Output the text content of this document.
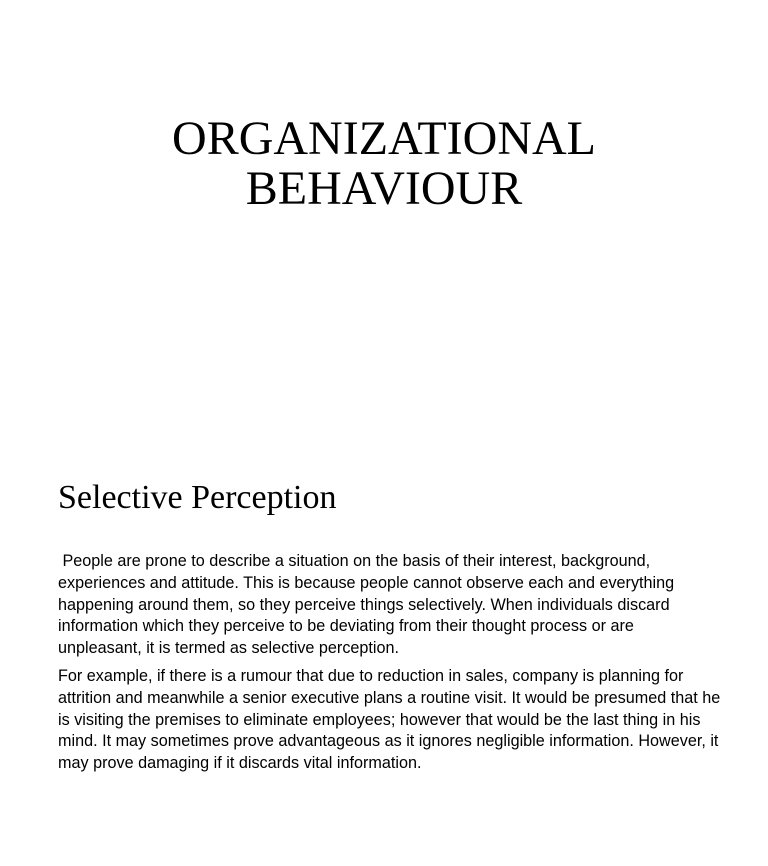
ORGANIZATIONAL
BEHAVIOUR
Selective Perception

People are prone to describe a situation on the basis of their interest, background, experiences and attitude. This is because people cannot observe each and everything happening around them, so they perceive things selectively. When individuals discard information which they perceive to be deviating from their thought process or are unpleasant, it is termed as selective perception.

For example, if there is a rumour that due to reduction in sales, company is planning for attrition and meanwhile a senior executive plans a routine visit. It would be presumed that he is visiting the premises to eliminate employees; however that would be the last thing in his mind. It may sometimes prove advantageous as it ignores negligible information. However, it may prove damaging if it discards vital information.
